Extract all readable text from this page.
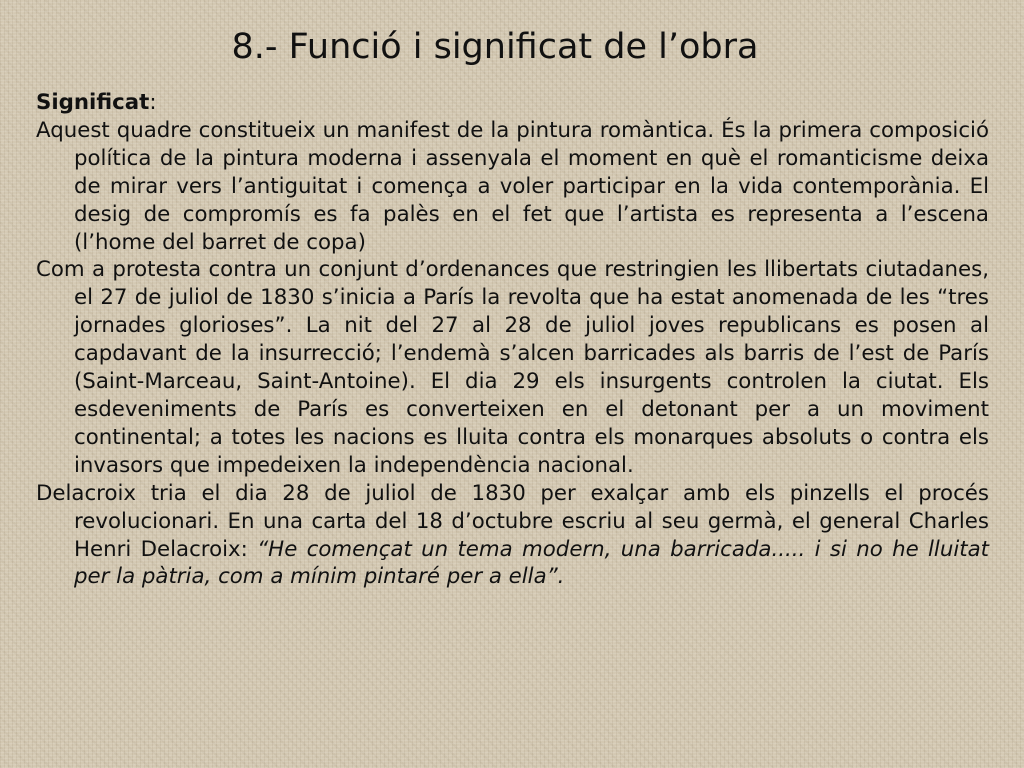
8.- Funció i significat de l’obra

Significat:

Aquest quadre constitueix un manifest de la pintura romàntica. És la primera composició política de la pintura moderna i assenyala el moment en què el romanticisme deixa de mirar vers l’antiguitat i comença a voler participar en la vida contemporània. El desig de compromís es fa palès en el fet que l’artista es representa a l’escena (l’home del barret de copa)

Com a protesta contra un conjunt d’ordenances que restringien les llibertats ciutadanes, el 27 de juliol de 1830 s’inicia a París la revolta que ha estat anomenada de les “tres jornades glorioses”. La nit del 27 al 28 de juliol joves republicans es posen al capdavant de la insurrecció; l’endemà s’alcen barricades als barris de l’est de París (Saint-Marceau, Saint-Antoine). El dia 29 els insurgents controlen la ciutat. Els esdeveniments de París es converteixen en el detonant per a un moviment continental; a totes les nacions es lluita contra els monarques absoluts o contra els invasors que impedeixen la independència nacional.

Delacroix tria el dia 28 de juliol de 1830 per exalçar amb els pinzells el procés revolucionari. En una carta del 18 d’octubre escriu al seu germà, el general Charles Henri Delacroix: “He començat un tema modern, una barricada..... i si no he lluitat per la pàtria, com a mínim pintaré per a ella”.
